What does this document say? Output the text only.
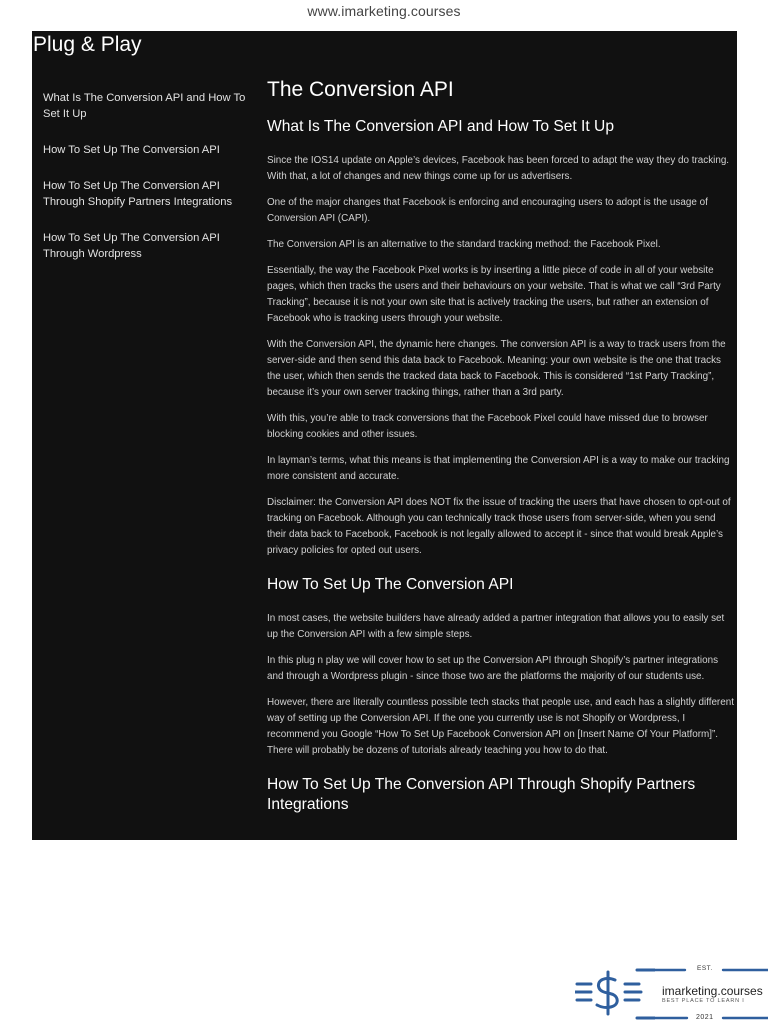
www.imarketing.courses
Plug & Play
What Is The Conversion API and How To Set It Up
How To Set Up The Conversion API
How To Set Up The Conversion API Through Shopify Partners Integrations
How To Set Up The Conversion API Through Wordpress
The Conversion API
What Is The Conversion API and How To Set It Up

Since the IOS14 update on Apple’s devices, Facebook has been forced to adapt the way they do tracking. With that, a lot of changes and new things come up for us advertisers.

One of the major changes that Facebook is enforcing and encouraging users to adopt is the usage of Conversion API (CAPI).

The Conversion API is an alternative to the standard tracking method: the Facebook Pixel.

Essentially, the way the Facebook Pixel works is by inserting a little piece of code in all of your website pages, which then tracks the users and their behaviours on your website. That is what we call “3rd Party Tracking”, because it is not your own site that is actively tracking the users, but rather an extension of Facebook who is tracking users through your website.

With the Conversion API, the dynamic here changes. The conversion API is a way to track users from the server-side and then send this data back to Facebook. Meaning: your own website is the one that tracks the user, which then sends the tracked data back to Facebook. This is considered “1st Party Tracking”, because it’s your own server tracking things, rather than a 3rd party.

With this, you’re able to track conversions that the Facebook Pixel could have missed due to browser blocking cookies and other issues.

In layman’s terms, what this means is that implementing the Conversion API is a way to make our tracking more consistent and accurate.

Disclaimer: the Conversion API does NOT fix the issue of tracking the users that have chosen to opt-out of tracking on Facebook. Although you can technically track those users from server-side, when you send their data back to Facebook, Facebook is not legally allowed to accept it - since that would break Apple’s privacy policies for opted out users.

How To Set Up The Conversion API

In most cases, the website builders have already added a partner integration that allows you to easily set up the Conversion API with a few simple steps.

In this plug n play we will cover how to set up the Conversion API through Shopify’s partner integrations and through a Wordpress plugin - since those two are the platforms the majority of our students use.

However, there are literally countless possible tech stacks that people use, and each has a slightly different way of setting up the Conversion API. If the one you currently use is not Shopify or Wordpress, I recommend you Google “How To Set Up Facebook Conversion API on [Insert Name Of Your Platform]”. There will probably be dozens of tutorials already teaching you how to do that.

How To Set Up The Conversion API Through Shopify Partners Integrations
EST.
imarketing.courses
BEST PLACE TO LEARN I
2021
